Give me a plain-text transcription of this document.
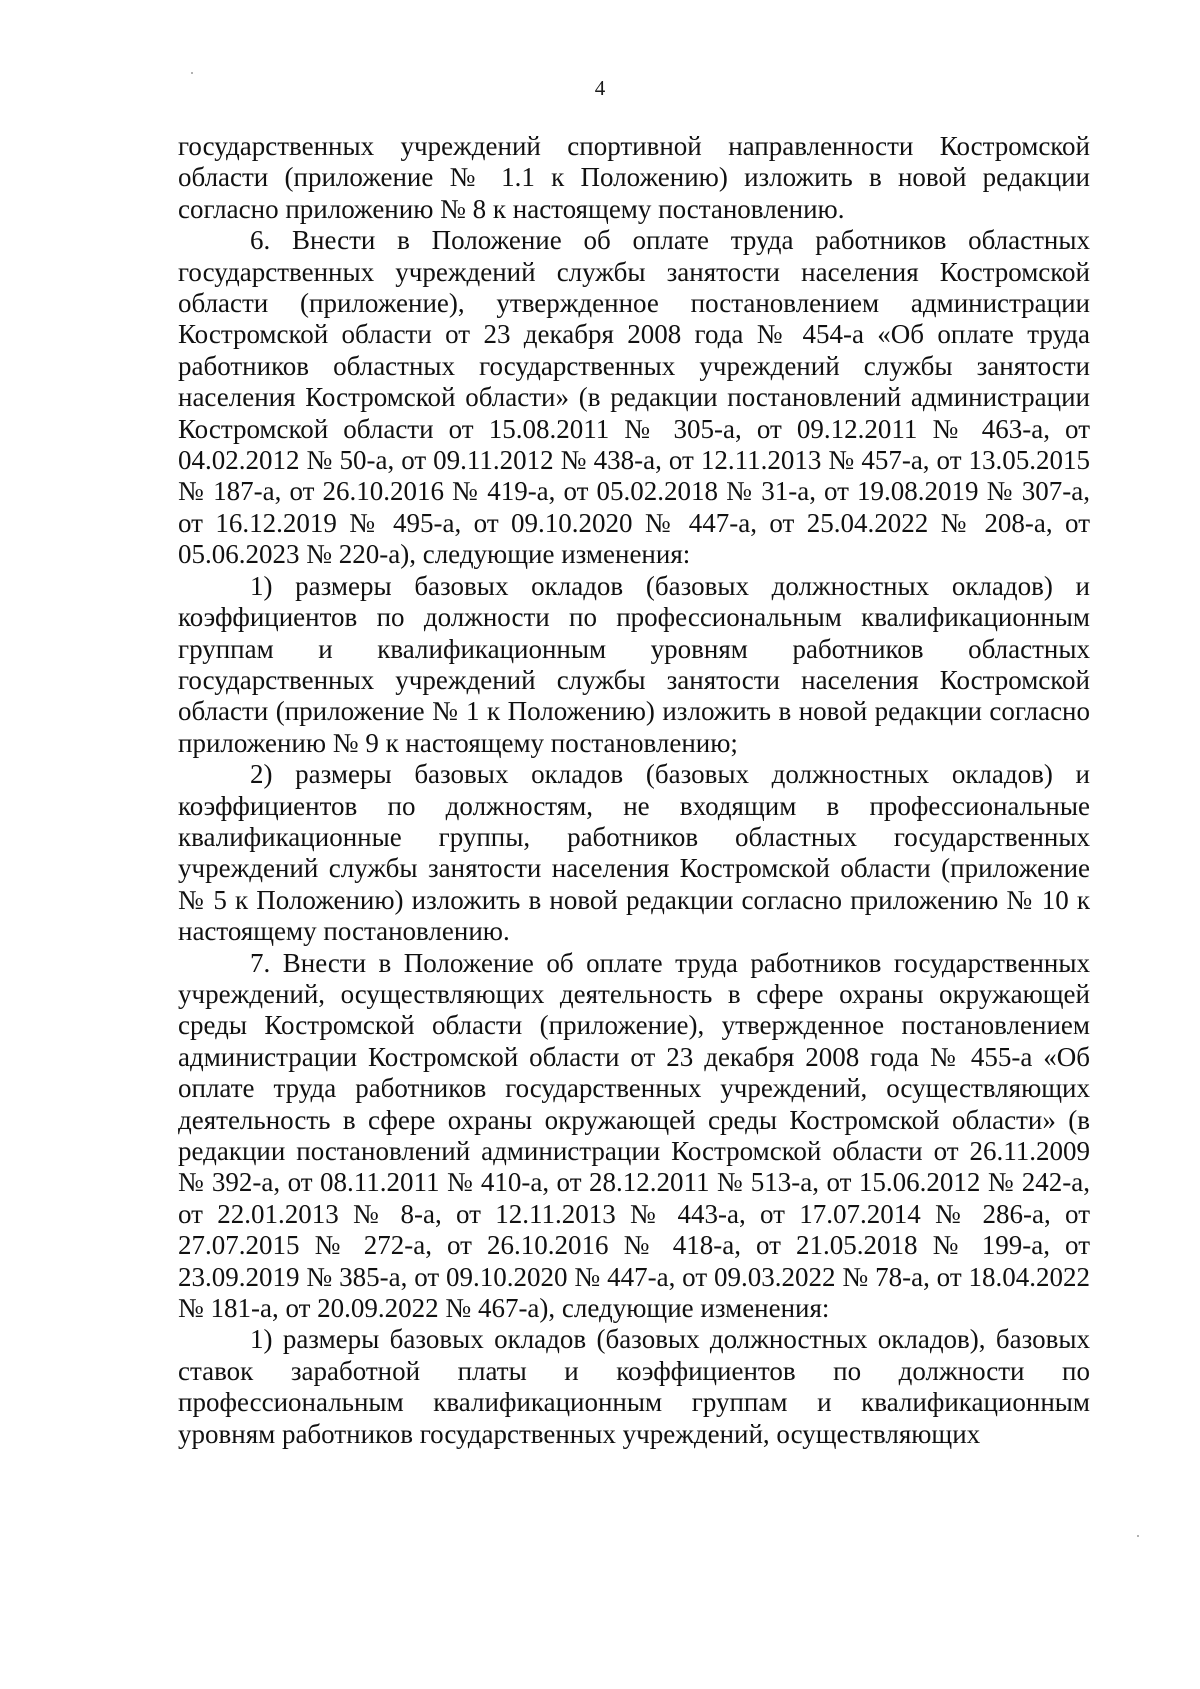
4

государственных учреждений спортивной направленности Костромской области (приложение № 1.1 к Положению) изложить в новой редакции согласно приложению № 8 к настоящему постановлению.

6. Внести в Положение об оплате труда работников областных государственных учреждений службы занятости населения Костромской области (приложение), утвержденное постановлением администрации Костромской области от 23 декабря 2008 года № 454-а «Об оплате труда работников областных государственных учреждений службы занятости населения Костромской области» (в редакции постановлений администрации Костромской области от 15.08.2011 № 305-а, от 09.12.2011 № 463-а, от 04.02.2012 № 50-а, от 09.11.2012 № 438-а, от 12.11.2013 № 457-а, от 13.05.2015 № 187-а, от 26.10.2016 № 419-а, от 05.02.2018 № 31-а, от 19.08.2019 № 307-а, от 16.12.2019 № 495-а, от 09.10.2020 № 447-а, от 25.04.2022 № 208-а, от 05.06.2023 № 220-а), следующие изменения:

1) размеры базовых окладов (базовых должностных окладов) и коэффициентов по должности по профессиональным квалификационным группам и квалификационным уровням работников областных государственных учреждений службы занятости населения Костромской области (приложение № 1 к Положению) изложить в новой редакции согласно приложению № 9 к настоящему постановлению;

2) размеры базовых окладов (базовых должностных окладов) и коэффициентов по должностям, не входящим в профессиональные квалификационные группы, работников областных государственных учреждений службы занятости населения Костромской области (приложение № 5 к Положению) изложить в новой редакции согласно приложению № 10 к настоящему постановлению.

7. Внести в Положение об оплате труда работников государственных учреждений, осуществляющих деятельность в сфере охраны окружающей среды Костромской области (приложение), утвержденное постановлением администрации Костромской области от 23 декабря 2008 года № 455-а «Об оплате труда работников государственных учреждений, осуществляющих деятельность в сфере охраны окружающей среды Костромской области» (в редакции постановлений администрации Костромской области от 26.11.2009 № 392-а, от 08.11.2011 № 410-а, от 28.12.2011 № 513-а, от 15.06.2012 № 242-а, от 22.01.2013 № 8-а, от 12.11.2013 № 443-а, от 17.07.2014 № 286-а, от 27.07.2015 № 272-а, от 26.10.2016 № 418-а, от 21.05.2018 № 199-а, от 23.09.2019 № 385-а, от 09.10.2020 № 447-а, от 09.03.2022 № 78-а, от 18.04.2022 № 181-а, от 20.09.2022 № 467-а), следующие изменения:

1) размеры базовых окладов (базовых должностных окладов), базовых ставок заработной платы и коэффициентов по должности по профессиональным квалификационным группам и квалификационным уровням работников государственных учреждений, осуществляющих
